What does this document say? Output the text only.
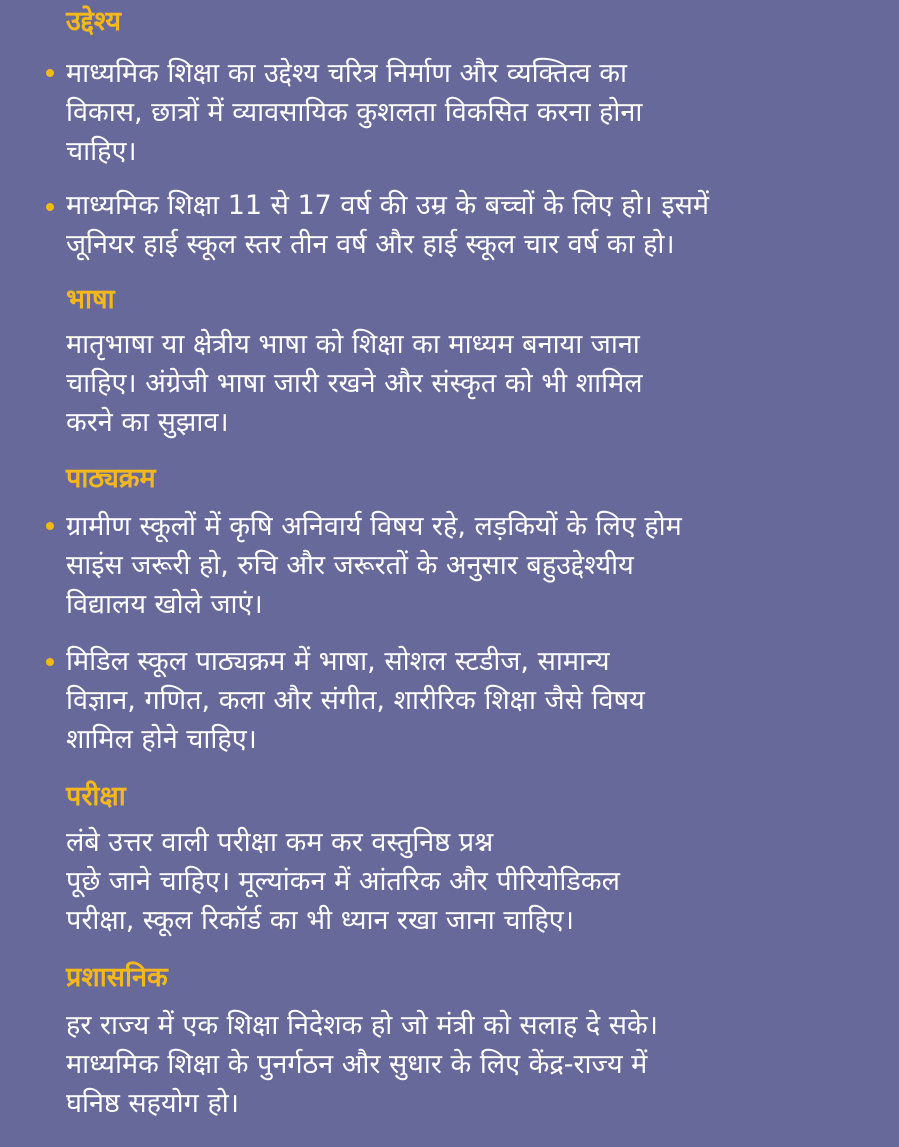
उद्देश्य
माध्यमिक शिक्षा का उद्देश्य चरित्र निर्माण और व्यक्तित्व का
विकास, छात्रों में व्यावसायिक कुशलता विकसित करना होना
चाहिए।
माध्यमिक शिक्षा 11 से 17 वर्ष की उम्र के बच्चों के लिए हो। इसमें
जूनियर हाई स्कूल स्तर तीन वर्ष और हाई स्कूल चार वर्ष का हो।
भाषा
मातृभाषा या क्षेत्रीय भाषा को शिक्षा का माध्यम बनाया जाना
चाहिए। अंग्रेजी भाषा जारी रखने और संस्कृत को भी शामिल
करने का सुझाव।
पाठ्यक्रम
ग्रामीण स्कूलों में कृषि अनिवार्य विषय रहे, लड़कियों के लिए होम
साइंस जरूरी हो, रुचि और जरूरतों के अनुसार बहुउद्देश्यीय
विद्यालय खोले जाएं।
मिडिल स्कूल पाठ्यक्रम में भाषा, सोशल स्टडीज, सामान्य
विज्ञान, गणित, कला और संगीत, शारीरिक शिक्षा जैसे विषय
शामिल होने चाहिए।
परीक्षा
लंबे उत्तर वाली परीक्षा कम कर वस्तुनिष्ठ प्रश्न
पूछे जाने चाहिए। मूल्यांकन में आंतरिक और पीरियोडिकल
परीक्षा, स्कूल रिकॉर्ड का भी ध्यान रखा जाना चाहिए।
प्रशासनिक
हर राज्य में एक शिक्षा निदेशक हो जो मंत्री को सलाह दे सके।
माध्यमिक शिक्षा के पुनर्गठन और सुधार के लिए केंद्र-राज्य में
घनिष्ठ सहयोग हो।
